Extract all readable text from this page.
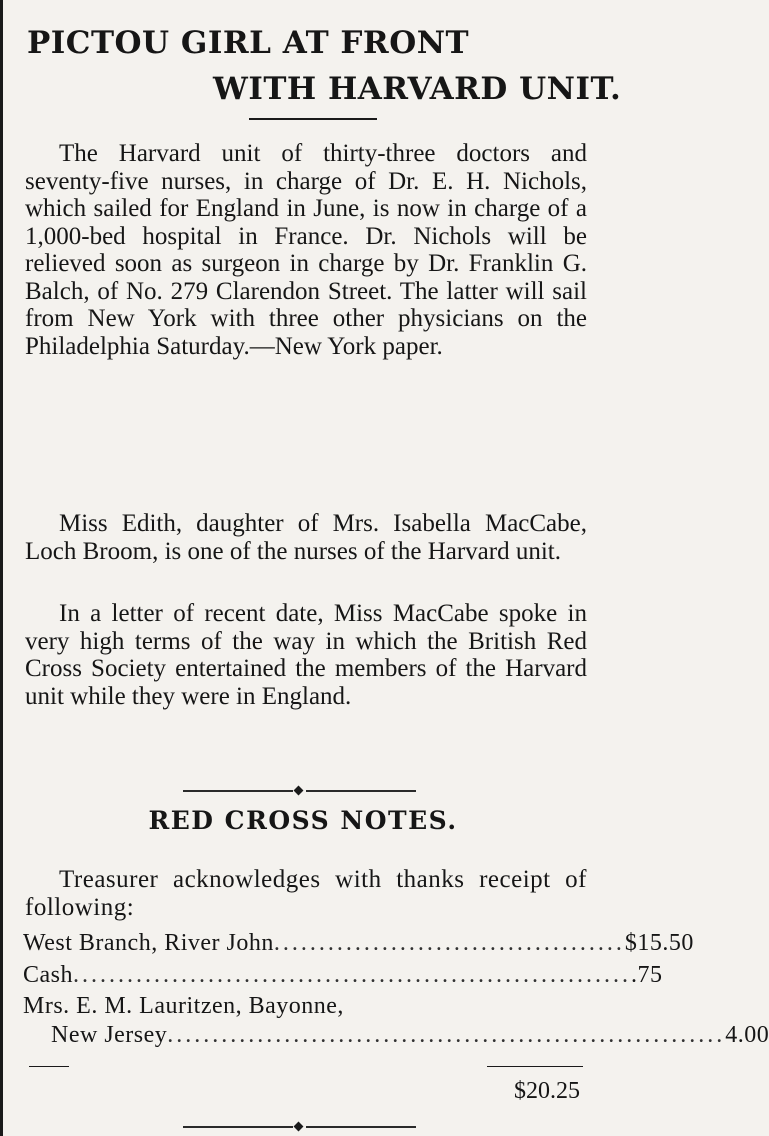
PICTOU GIRL AT FRONT
WITH HARVARD UNIT.

The Harvard unit of thirty-three doctors and seventy-five nurses, in charge of Dr. E. H. Nichols, which sailed for England in June, is now in charge of a 1,000-bed hospital in France. Dr. Nichols will be relieved soon as surgeon in charge by Dr. Franklin G. Balch, of No. 279 Clarendon Street. The latter will sail from New York with three other physicians on the Philadelphia Saturday.—New York paper.

Miss Edith, daughter of Mrs. Isabella MacCabe, Loch Broom, is one of the nurses of the Harvard unit.

In a letter of recent date, Miss MacCabe spoke in very high terms of the way in which the British Red Cross Society entertained the members of the Harvard unit while they were in England.

RED CROSS NOTES.

Treasurer acknowledges with thanks receipt of following:

West Branch, River John ....................................... $15.50
Cash .............................................................. .75
Mrs. E. M. Lauritzen, Bayonne,
New Jersey .............................................................. 4.00
$20.25
